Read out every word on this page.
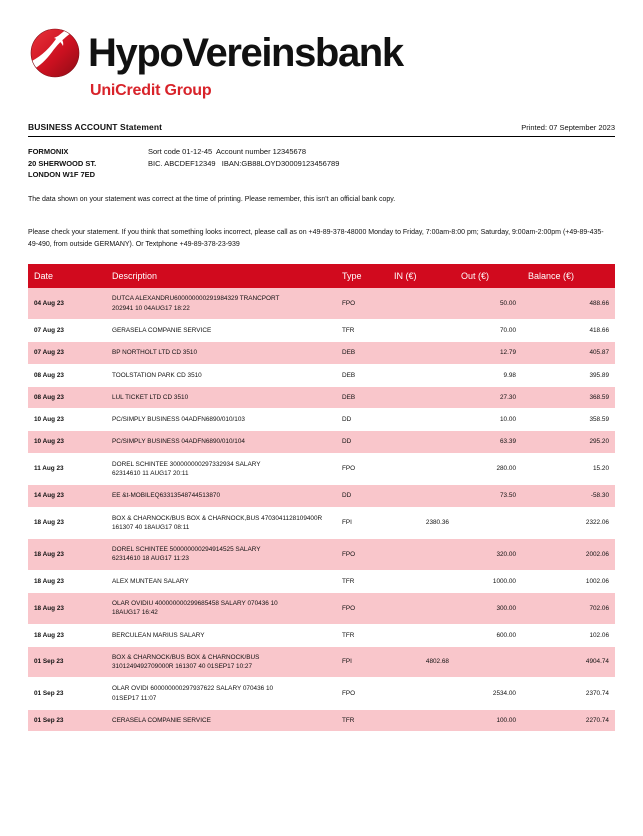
HypoVereinsbank
UniCredit Group
BUSINESS ACCOUNT Statement	Printed: 07 September 2023
FORMONIX
20 SHERWOOD ST.
LONDON W1F 7ED
Sort code 01-12-45  Account number 12345678
BIC. ABCDEF12349   IBAN:GB88LOYD30009123456789
The data shown on your statement was correct at the time of printing. Please remember, this isn't an official bank copy.
Please check your statement. If you think that something looks incorrect, please call as on +49-89-378-48000 Monday to Friday, 7:00am-8:00 pm; Saturday, 9:00am-2:00pm (+49-89-435-49-490, from outside GERMANY). Or Textphone +49-89-378-23-939
Date	Description	Type	IN (€)	Out (€)	Balance (€)
04 Aug 23	DUTCA ALEXANDRU600000000291984329 TRANCPORT
202941 10 04AUG17 18:22	FPO		50.00	488.66
07 Aug 23	GERASELA COMPANIE SERVICE	TFR		70.00	418.66
07 Aug 23	BP NORTHOLT LTD CD 3510	DEB		12.79	405.87
08 Aug 23	TOOLSTATION PARK CD 3510	DEB		9.98	395.89
08 Aug 23	LUL TICKET LTD CD 3510	DEB		27.30	368.59
10 Aug 23	PC/SIMPLY BUSINESS 04ADFN6890/010/103	DD		10.00	358.59
10 Aug 23	PC/SIMPLY BUSINESS 04ADFN6890/010/104	DD		63.39	295.20
11 Aug 23	DOREL SCHINTEE 300000000297332934 SALARY
62314610 11 AUG17 20:11	FPO		280.00	15.20
14 Aug 23	EE &t-MOBILEQ63313548744513870	DD		73.50	-58.30
18 Aug 23	BOX & CHARNOCK/BUS BOX & CHARNOCK,BUS 4703041128109400R
161307 40 18AUG17 08:11	FPI	2380.36		2322.06
18 Aug 23	DOREL SCHINTEE 500000000294914525 SALARY
62314610 18 AUG17 11:23	FPO		320.00	2002.06
18 Aug 23	ALEX MUNTEAN SALARY	TFR		1000.00	1002.06
18 Aug 23	OLAR OVIDIU 400000000299685458 SALARY 070436 10
18AUG17 16:42	FPO		300.00	702.06
18 Aug 23	BERCULEAN MARIUS SALARY	TFR		600.00	102.06
01 Sep 23	BOX & CHARNOCK/BUS BOX & CHARNOCK/BUS
3101249492709000R 161307 40 01SEP17 10:27	FPI	4802.68		4904.74
01 Sep 23	OLAR OVIDI 600000000297937622 SALARY 070436 10
01SEP17 11:07	FPO		2534.00	2370.74
01 Sep 23	CERASELA COMPANIE SERVICE	TFR		100.00	2270.74
